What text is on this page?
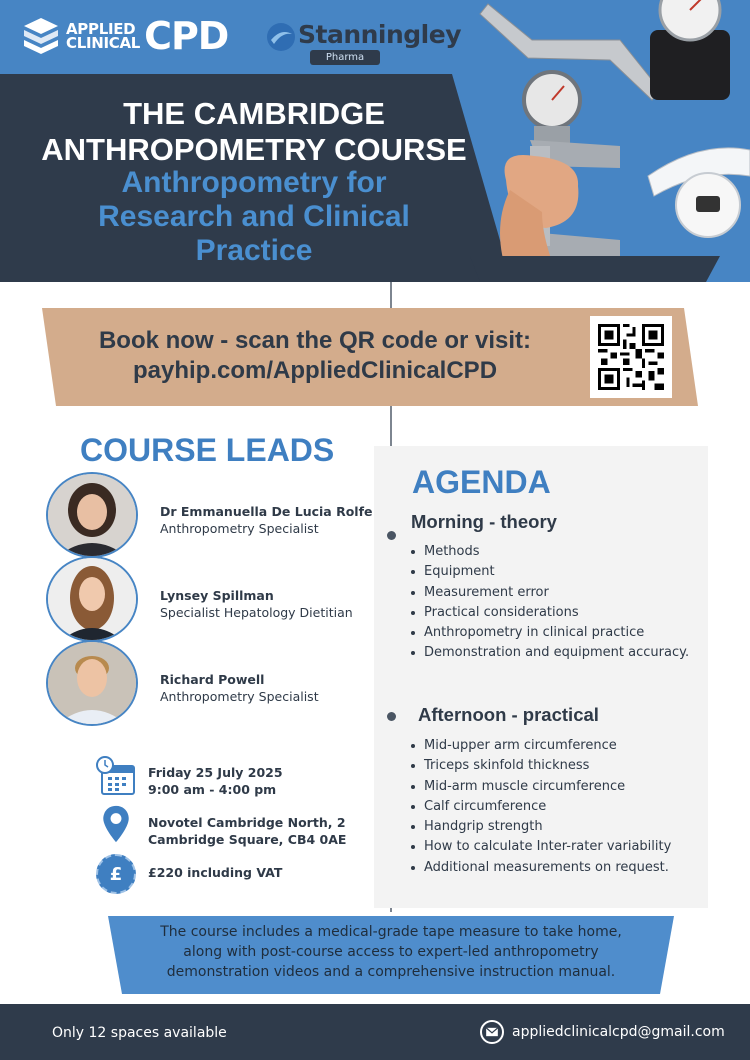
APPLIED
CLINICAL CPD	Stanningley
Pharma
THE CAMBRIDGE
ANTHROPOMETRY COURSE
Anthropometry for
Research and Clinical
Practice
Book now - scan the QR code or visit:
payhip.com/AppliedClinicalCPD
COURSE LEADS
Dr Emmanuella De Lucia Rolfe
Anthropometry Specialist
Lynsey Spillman
Specialist Hepatology Dietitian
Richard Powell
Anthropometry Specialist
Friday 25 July 2025
9:00 am - 4:00 pm
Novotel Cambridge North, 2
Cambridge Square, CB4 0AE
£ £220 including VAT
AGENDA
Morning - theory
Methods
Equipment
Measurement error
Practical considerations
Anthropometry in clinical practice
Demonstration and equipment accuracy.
Afternoon - practical
Mid-upper arm circumference
Triceps skinfold thickness
Mid-arm muscle circumference
Calf circumference
Handgrip strength
How to calculate Inter-rater variability
Additional measurements on request.
The course includes a medical-grade tape measure to take home,
along with post-course access to expert-led anthropometry
demonstration videos and a comprehensive instruction manual.
Only 12 spaces available	appliedclinicalcpd@gmail.com
